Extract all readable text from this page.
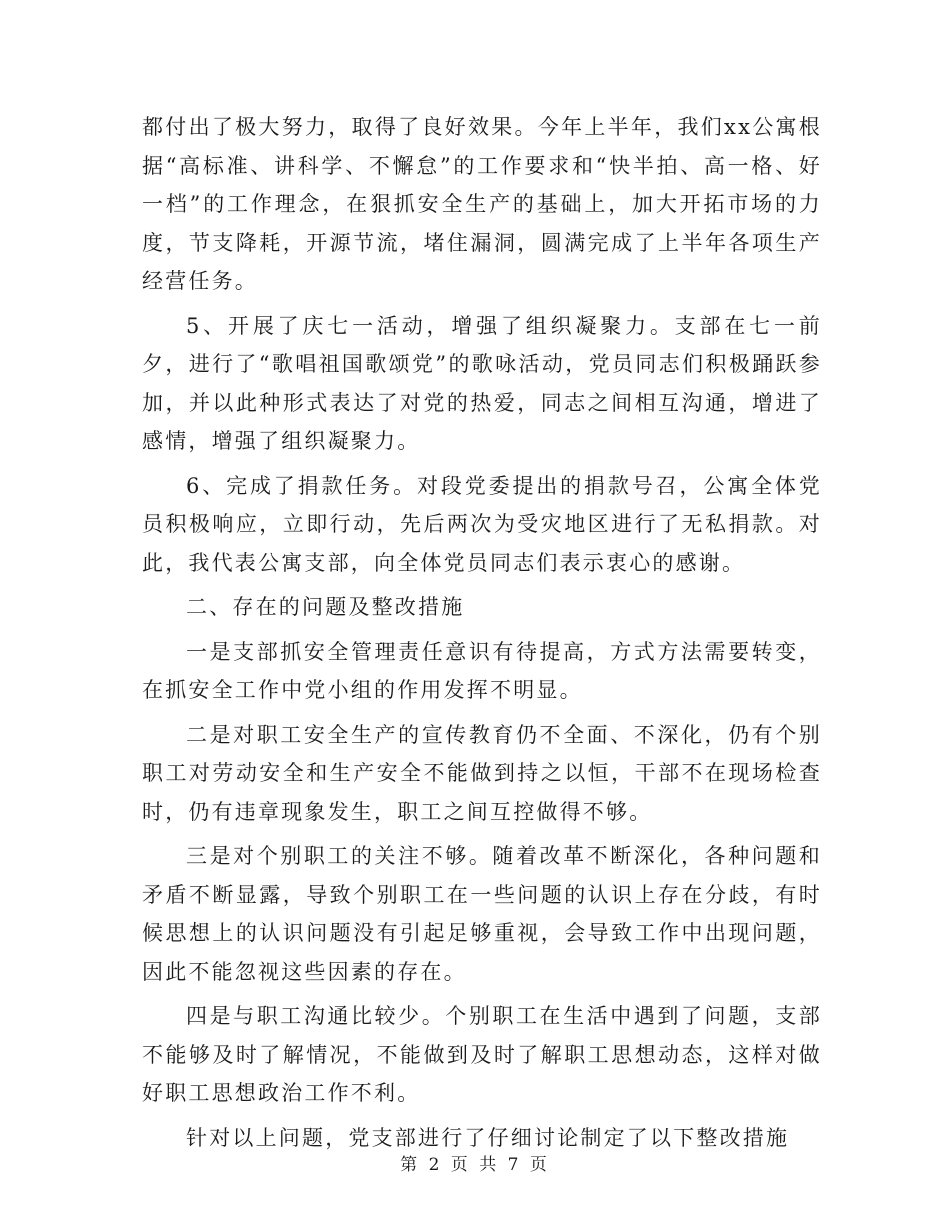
都付出了极大努力，取得了良好效果。今年上半年，我们xx公寓根据“高标准、讲科学、不懈怠”的工作要求和“快半拍、高一格、好一档”的工作理念，在狠抓安全生产的基础上，加大开拓市场的力度，节支降耗，开源节流，堵住漏洞，圆满完成了上半年各项生产经营任务。

5、开展了庆七一活动，增强了组织凝聚力。支部在七一前夕，进行了“歌唱祖国歌颂党”的歌咏活动，党员同志们积极踊跃参加，并以此种形式表达了对党的热爱，同志之间相互沟通，增进了感情，增强了组织凝聚力。

6、完成了捐款任务。对段党委提出的捐款号召，公寓全体党员积极响应，立即行动，先后两次为受灾地区进行了无私捐款。对此，我代表公寓支部，向全体党员同志们表示衷心的感谢。

二、存在的问题及整改措施

一是支部抓安全管理责任意识有待提高，方式方法需要转变，在抓安全工作中党小组的作用发挥不明显。

二是对职工安全生产的宣传教育仍不全面、不深化，仍有个别职工对劳动安全和生产安全不能做到持之以恒，干部不在现场检查时，仍有违章现象发生，职工之间互控做得不够。

三是对个别职工的关注不够。随着改革不断深化，各种问题和矛盾不断显露，导致个别职工在一些问题的认识上存在分歧，有时候思想上的认识问题没有引起足够重视，会导致工作中出现问题，因此不能忽视这些因素的存在。

四是与职工沟通比较少。个别职工在生活中遇到了问题，支部不能够及时了解情况，不能做到及时了解职工思想动态，这样对做好职工思想政治工作不利。

针对以上问题，党支部进行了仔细讨论制定了以下整改措施

第 2 页 共 7 页
